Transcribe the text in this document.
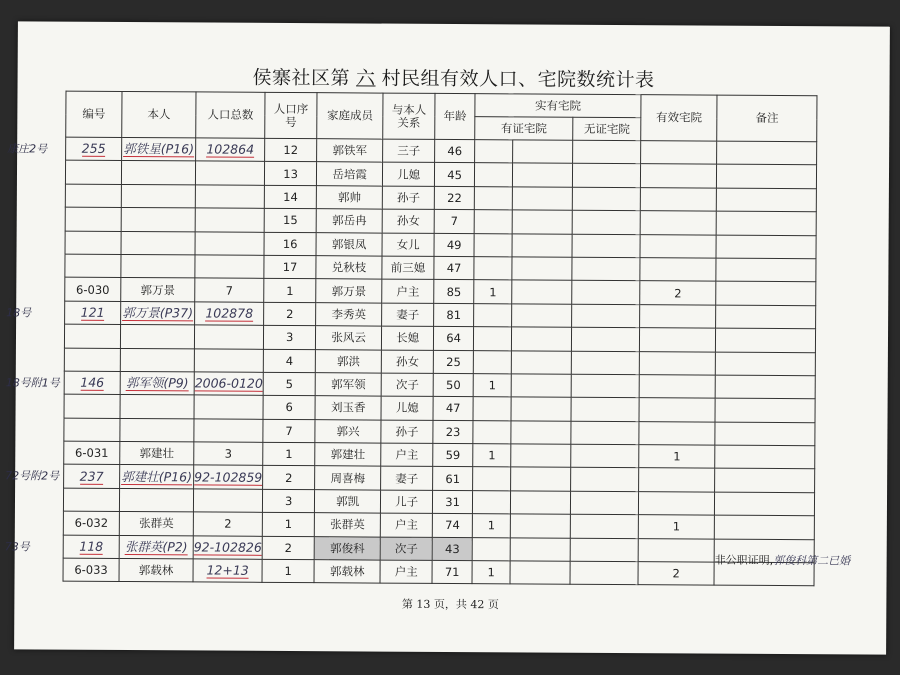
侯寨社区第 六 村民组有效人口、宅院数统计表
编号	本人	人口总数	人口序号	家庭成员	与本人关系	年龄	实有宅院			有效宅院	备注
							有证宅院		无证宅院		
255	郭铁星(P16)	102864	12	郭铁军	三子	46					
			13	岳培霞	儿媳	45					
			14	郭帅	孙子	22					
			15	郭岳冉	孙女	7					
			16	郭银凤	女儿	49					
			17	兑秋枝	前三媳	47					
6-030	郭万景	7	1	郭万景	户主	85	1			2	
121	郭万景(P37)	102878	2	李秀英	妻子	81					
			3	张风云	长媳	64					
			4	郭洪	孙女	25					
146	郭军领(P9)	2006-0120	5	郭军领	次子	50	1				
			6	刘玉香	儿媳	47					
			7	郭兴	孙子	23					
6-031	郭建壮	3	1	郭建壮	户主	59	1			1	
237	郭建壮(P16)	92-102859	2	周喜梅	妻子	61					
			3	郭凯	儿子	31					
6-032	张群英	2	1	张群英	户主	74	1			1	
118	张群英(P2)	92-102826	2	郭俊科	次子	43					
6-033	郭载林	12+13	1	郭载林	户主	71	1			2	
非公职证明,郭俊科第二已婚
第 13 页，共 42 页
康庄2号
18号
18号附1号
72号附2号
73号
